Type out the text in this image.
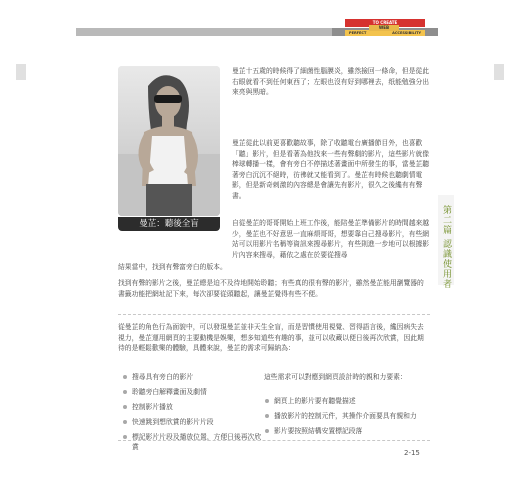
TO CREATE
PERFECT	ACCESSIBILITY
WEB
第二篇 認識使用者
曼芷：聽後全盲

曼芷十五歲的時候得了細菌性腦膜炎，雖然撿回一條命，但是從此右眼就看不到任何東西了；左眼也沒有好到哪裡去，纸能勉強分出來亮與黑暗。

曼芷從此以前更喜歡聽故事，除了收聽電台廣播節目外，也喜歡「聽」影片，但是看著為他找來一些有聲劇的影片，這些影片就像棒球轉播一樣，會有旁白不停描述著畫面中所發生的事，當曼芷聽著旁白沉沉不絕時，彷彿就又能看到了。曼芷有時候也聽劇情電影，但是新奇刺激的內容總是會讓先有影片，很久之後纔有有聲書。

自從曼芷的哥哥開始上班工作後，能陪曼芷準備影片的時間越來越少，曼芷也不好意思一直麻煩哥哥，想要靠自己搜尋影片，有些網站可以用影片名稱等資訊來搜尋影片，有些則進一步地可以根據影片內容來搜尋，藉依之處在於要從搜尋

結果當中，找到有聲富旁白的版本。

找到有聲的影片之後，曼芷總是迫不及待地開始聆聽；有些真的很有聲的影片，雖然曼芷能用瀏覽器的書籤功能把網址記下來，每次卻要從頭聽起，讓曼芷覺得有些不便。

從曼芷的角色行為面貌中，可以發現曼芷並非天生全盲，而是習慣使用視覺、習得語言後，纔因病失去視力，曼芷運用網頁的主要動機是娛樂，想多知道些有趣的事，並可以收藏以便日後再次欣賞，因此期待的是輕鬆歡樂的體驗，具體來說，曼芷的需求可歸納為：

搜尋具有旁白的影片
聆聽旁白解釋畫面及劇情
控制影片播放
快速跳到想欣賞的影片片段
標記影片片段及播放位置，方便日後再次欣賞

這些需求可以對應到網頁設計時的親和力要素：

網頁上的影片要有聽覺描述
播放影片的控制元件，其操作介面要具有親和力
影片要按照結構安置標記段落
2-15
